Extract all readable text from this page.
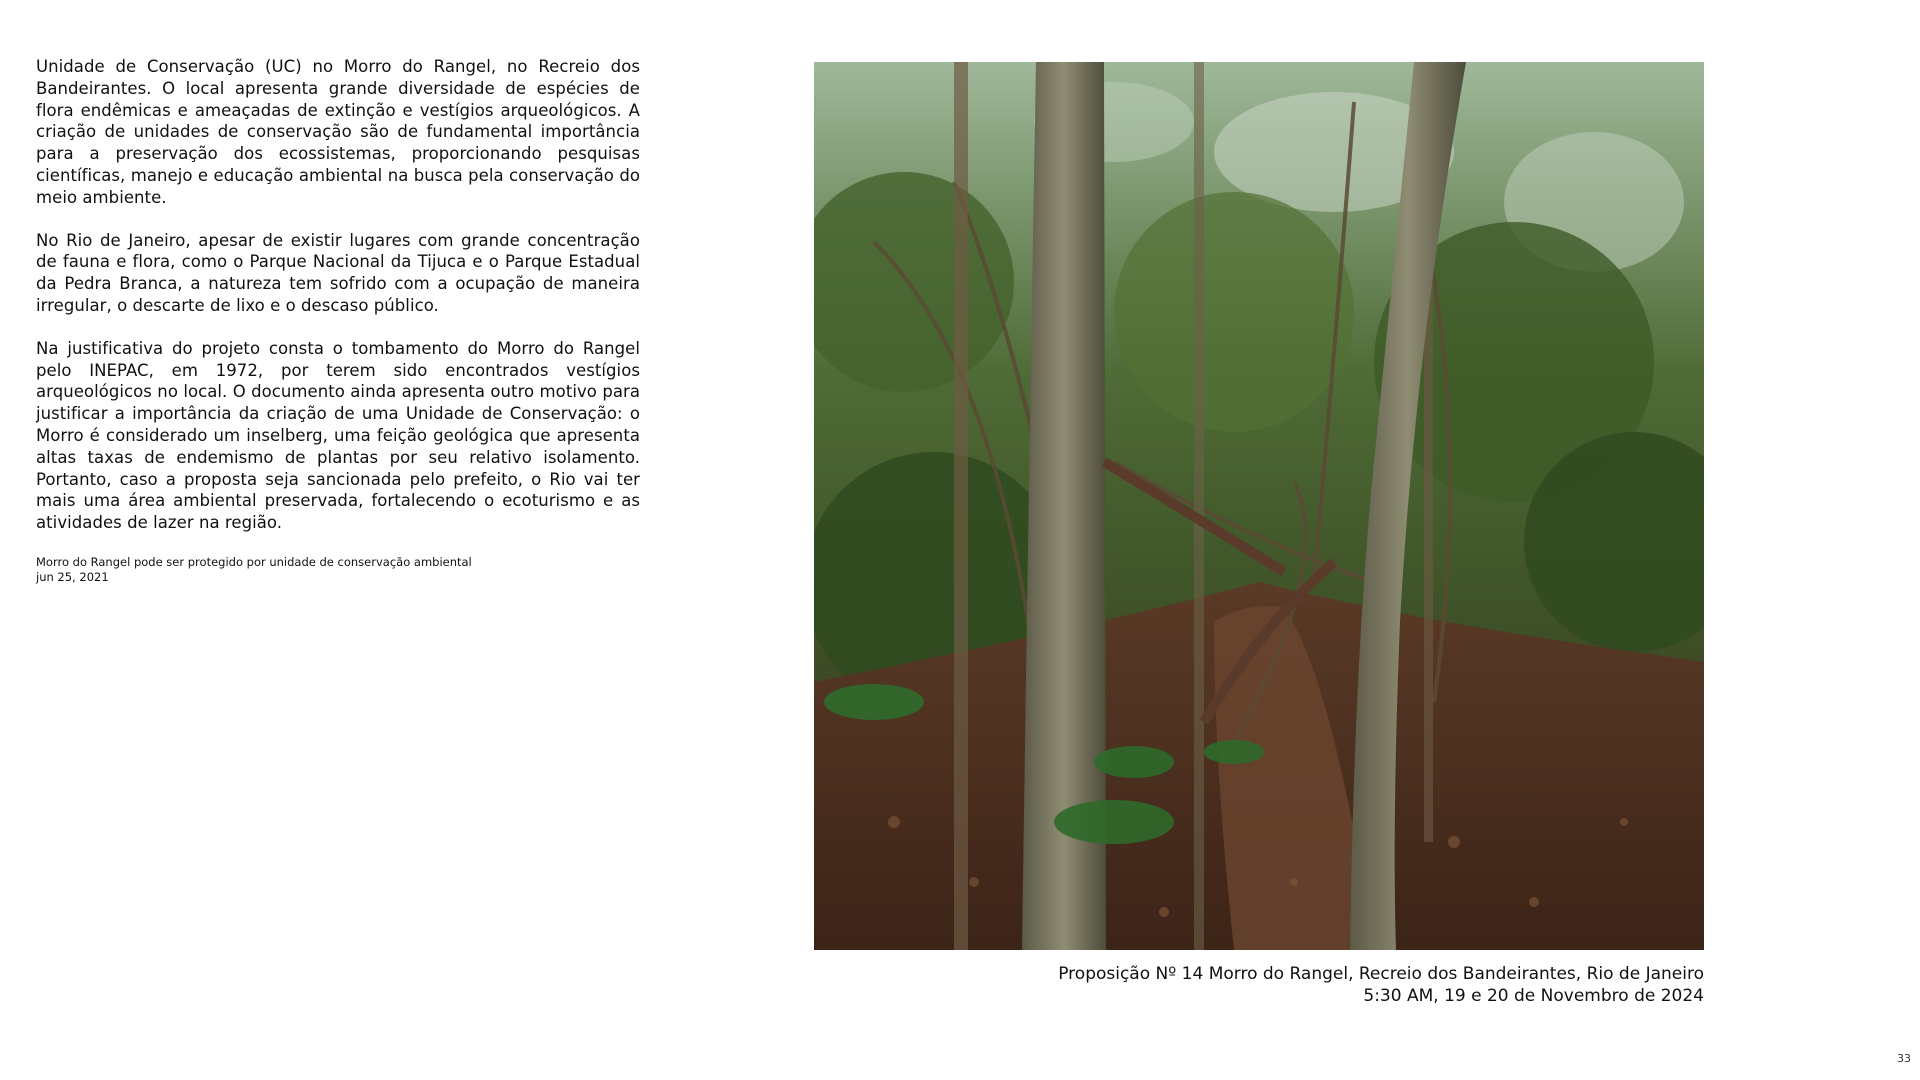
Unidade de Conservação (UC) no Morro do Rangel, no Recreio dos Bandeirantes. O local apresenta grande diversidade de espécies de flora endêmicas e ameaçadas de extinção e vestígios arqueológicos. A criação de unidades de conservação são de fundamental importância para a preservação dos ecossistemas, proporcionando pesquisas científicas, manejo e educação ambiental na busca pela conservação do meio ambiente.

No Rio de Janeiro, apesar de existir lugares com grande concentração de fauna e flora, como o Parque Nacional da Tijuca e o Parque Estadual da Pedra Branca, a natureza tem sofrido com a ocupação de maneira irregular, o descarte de lixo e o descaso público.

Na justificativa do projeto consta o tombamento do Morro do Rangel pelo INEPAC, em 1972, por terem sido encontrados vestígios arqueológicos no local. O documento ainda apresenta outro motivo para justificar a importância da criação de uma Unidade de Conservação: o Morro é considerado um inselberg, uma feição geológica que apresenta altas taxas de endemismo de plantas por seu relativo isolamento. Portanto, caso a proposta seja sancionada pelo prefeito, o Rio vai ter mais uma área ambiental preservada, fortalecendo o ecoturismo e as atividades de lazer na região.

Morro do Rangel pode ser protegido por unidade de conservação ambiental
jun 25, 2021
Proposição Nº 14 Morro do Rangel, Recreio dos Bandeirantes, Rio de Janeiro
5:30 AM, 19 e 20 de Novembro de 2024
33
